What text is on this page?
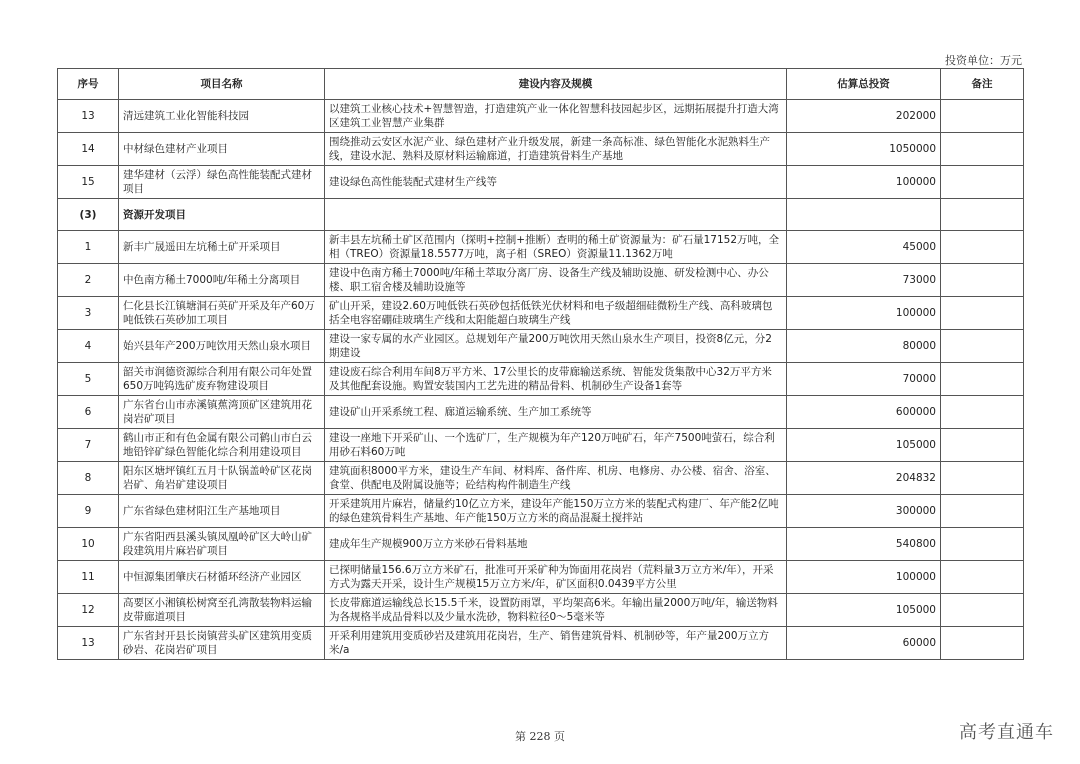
投资单位：万元
序号	项目名称	建设内容及规模	估算总投资	备注
13	清远建筑工业化智能科技园	以建筑工业核心技术+智慧智造，打造建筑产业一体化智慧科技园起步区，远期拓展提升打造大湾区建筑工业智慧产业集群	202000	
14	中材绿色建材产业项目	围绕推动云安区水泥产业、绿色建材产业升级发展，新建一条高标准、绿色智能化水泥熟料生产线，建设水泥、熟料及原材料运输廊道，打造建筑骨料生产基地	1050000	
15	建华建材（云浮）绿色高性能装配式建材项目	建设绿色高性能装配式建材生产线等	100000	
(3)	资源开发项目			
1	新丰广晟遥田左坑稀土矿开采项目	新丰县左坑稀土矿区范围内（探明+控制+推断）查明的稀土矿资源量为：矿石量17152万吨，全相（TREO）资源量18.5577万吨，离子相（SREO）资源量11.1362万吨	45000	
2	中色南方稀土7000吨/年稀土分离项目	建设中色南方稀土7000吨/年稀土萃取分离厂房、设备生产线及辅助设施、研发检测中心、办公楼、职工宿舍楼及辅助设施等	73000	
3	仁化县长江镇塘洞石英矿开采及年产60万吨低铁石英砂加工项目	矿山开采，建设2.60万吨低铁石英砂包括低铁光伏材料和电子级超细硅微粉生产线、高科玻璃包括全电容窑硼硅玻璃生产线和太阳能超白玻璃生产线	100000	
4	始兴县年产200万吨饮用天然山泉水项目	建设一家专属的水产业园区。总规划年产量200万吨饮用天然山泉水生产项目，投资8亿元，分2期建设	80000	
5	韶关市润德资源综合利用有限公司年处置650万吨钨选矿废弃物建设项目	建设废石综合利用车间8万平方米、17公里长的皮带廊输送系统、智能发货集散中心32万平方米及其他配套设施。购置安装国内工艺先进的精品骨料、机制砂生产设备1套等	70000	
6	广东省台山市赤溪镇蕉湾顶矿区建筑用花岗岩矿项目	建设矿山开采系统工程、廊道运输系统、生产加工系统等	600000	
7	鹤山市正和有色金属有限公司鹤山市白云地铅锌矿绿色智能化综合利用建设项目	建设一座地下开采矿山、一个选矿厂，生产规模为年产120万吨矿石，年产7500吨萤石，综合利用砂石料60万吨	105000	
8	阳东区塘坪镇红五月十队锅盖岭矿区花岗岩矿、角岩矿建设项目	建筑面积8000平方米，建设生产车间、材料库、备件库、机房、电修房、办公楼、宿舍、浴室、食堂、供配电及附属设施等；砼结构构件制造生产线	204832	
9	广东省绿色建材阳江生产基地项目	开采建筑用片麻岩，储量约10亿立方米，建设年产能150万立方米的装配式构建厂、年产能2亿吨的绿色建筑骨料生产基地、年产能150万立方米的商品混凝土搅拌站	300000	
10	广东省阳西县溪头镇凤凰岭矿区大岭山矿段建筑用片麻岩矿项目	建成年生产规模900万立方米砂石骨料基地	540800	
11	中恒源集团肇庆石材循环经济产业园区	已探明储量156.6万立方米矿石，批准可开采矿种为饰面用花岗岩（荒料量3万立方米/年），开采方式为露天开采，设计生产规模15万立方米/年，矿区面积0.0439平方公里	100000	
12	高要区小湘镇松树窝至孔湾散装物料运输皮带廊道项目	长皮带廊道运输线总长15.5千米，设置防雨罩，平均架高6米。年输出量2000万吨/年，输送物料为各规格半成品骨料以及少量水洗砂，物料粒径0～5毫米等	105000	
13	广东省封开县长岗镇营头矿区建筑用变质砂岩、花岗岩矿项目	开采利用建筑用变质砂岩及建筑用花岗岩，生产、销售建筑骨料、机制砂等，年产量200万立方米/a	60000	
第 228 页	高考直通车
